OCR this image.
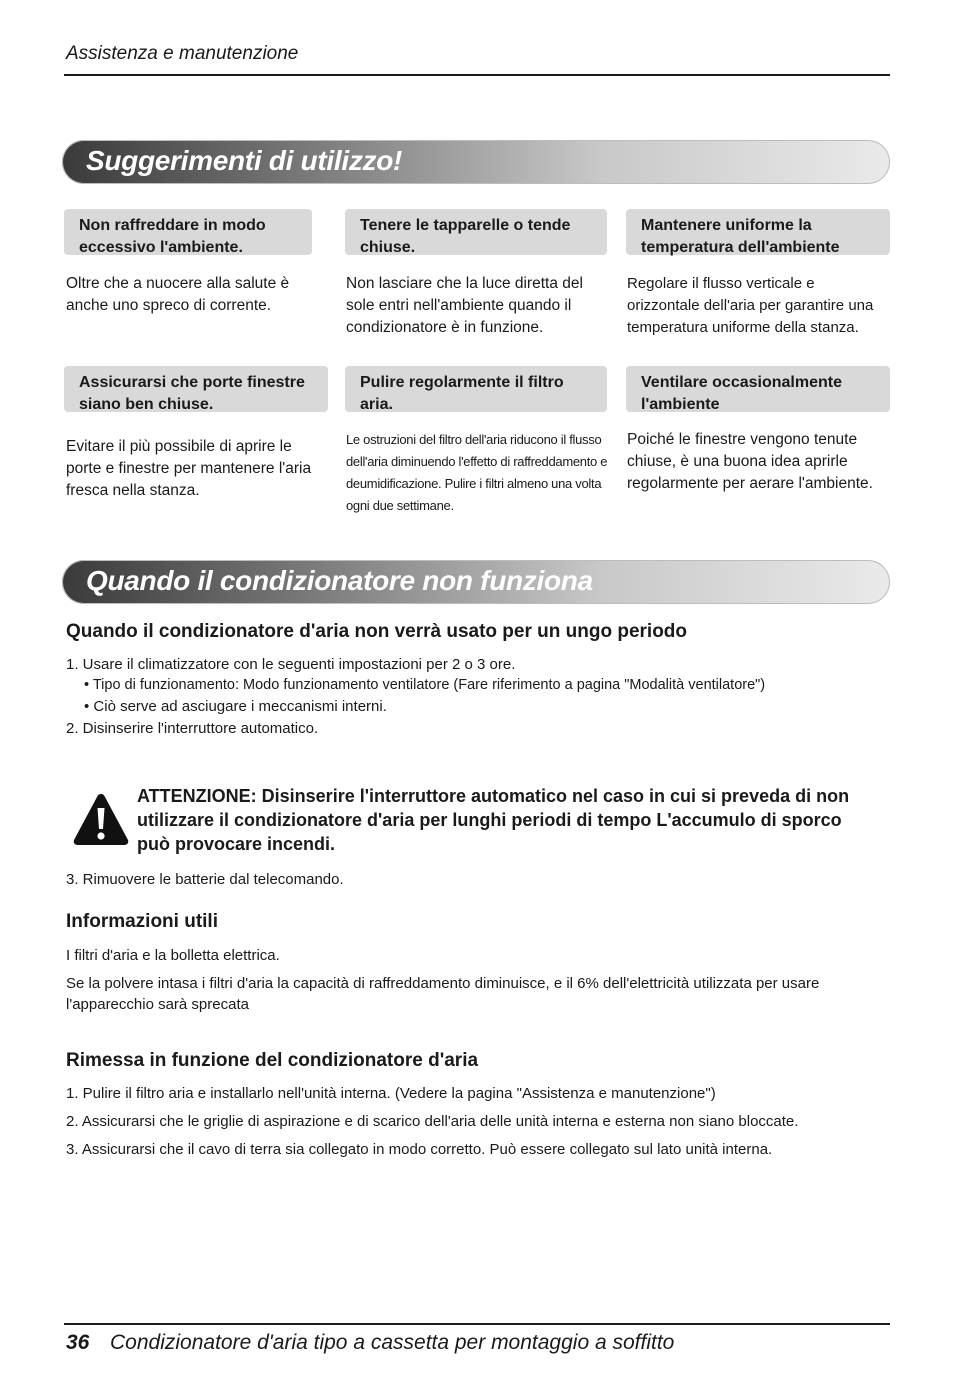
Assistenza e manutenzione
Suggerimenti di utilizzo!
Non raffreddare in modo eccessivo l'ambiente.
Tenere le tapparelle o tende chiuse.
Mantenere uniforme la temperatura dell'ambiente
Oltre che a nuocere alla salute è anche uno spreco di corrente.
Non lasciare che la luce diretta del sole entri nell'ambiente quando il condizionatore è in funzione.
Regolare il flusso verticale e orizzontale dell'aria per garantire una temperatura uniforme della stanza.
Assicurarsi che porte finestre siano ben chiuse.
Pulire regolarmente il filtro aria.
Ventilare occasionalmente l'ambiente
Evitare il più possibile di aprire le porte e finestre per mantenere l'aria fresca nella stanza.
Le ostruzioni del filtro dell'aria riducono il flusso dell'aria diminuendo l'effetto di raffreddamento e deumidificazione. Pulire i filtri almeno una volta ogni due settimane.
Poiché le finestre vengono tenute chiuse, è una buona idea aprirle regolarmente per aerare l'ambiente.
Quando il condizionatore non funziona
Quando il condizionatore d'aria non verrà usato per un ungo periodo
1. Usare il climatizzatore con le seguenti impostazioni per 2 o 3 ore.
• Tipo di funzionamento: Modo funzionamento ventilatore (Fare riferimento a pagina "Modalità ventilatore")
• Ciò serve ad asciugare i meccanismi interni.
2. Disinserire l'interruttore automatico.
ATTENZIONE: Disinserire l'interruttore automatico nel caso in cui si preveda di non utilizzare il condizionatore d'aria per lunghi periodi di tempo L'accumulo di sporco può provocare incendi.
3. Rimuovere le batterie dal telecomando.
Informazioni utili
I filtri d'aria e la bolletta elettrica.
Se la polvere intasa i filtri d'aria la capacità di raffreddamento diminuisce, e il 6% dell'elettricità utilizzata per usare l'apparecchio sarà sprecata
Rimessa in funzione del condizionatore d'aria
1. Pulire il filtro aria e installarlo nell'unità interna. (Vedere la pagina "Assistenza e manutenzione")
2. Assicurarsi che le griglie di aspirazione e di scarico dell'aria delle unità interna e esterna non siano bloccate.
3. Assicurarsi che il cavo di terra sia collegato in modo corretto. Può essere collegato sul lato unità interna.
36 Condizionatore d'aria tipo a cassetta per montaggio a soffitto
